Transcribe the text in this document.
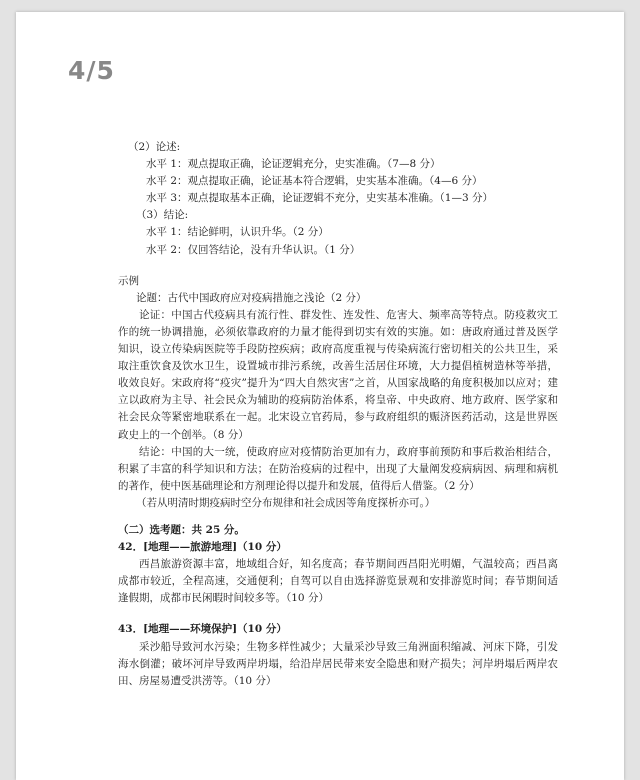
4/5
（2）论述:
水平 1：观点提取正确，论证逻辑充分，史实准确。（7—8 分）
水平 2：观点提取正确，论证基本符合逻辑，史实基本准确。（4—6 分）
水平 3：观点提取基本正确，论证逻辑不充分，史实基本准确。（1—3 分）
（3）结论:
水平 1：结论鲜明，认识升华。（2 分）
水平 2：仅回答结论，没有升华认识。（1 分）
示例
论题：古代中国政府应对疫病措施之浅论（2 分）
论证：中国古代疫病具有流行性、群发性、连发性、危害大、频率高等特点。防疫救灾工作的统一协调措施，必须依靠政府的力量才能得到切实有效的实施。如：唐政府通过普及医学知识，设立传染病医院等手段防控疾病；政府高度重视与传染病流行密切相关的公共卫生，采取注重饮食及饮水卫生，设置城市排污系统，改善生活居住环境，大力提倡植树造林等举措，收效良好。宋政府将“疫灾”提升为“四大自然灾害”之首，从国家战略的角度积极加以应对；建立以政府为主导、社会民众为辅助的疫病防治体系，将皇帝、中央政府、地方政府、医学家和社会民众等紧密地联系在一起。北宋设立官药局，参与政府组织的赈济医药活动，这是世界医政史上的一个创举。（8 分）
结论：中国的大一统，使政府应对疫情防治更加有力，政府事前预防和事后救治相结合，积累了丰富的科学知识和方法；在防治疫病的过程中，出现了大量阐发疫病病因、病理和病机的著作，使中医基础理论和方剂理论得以提升和发展，值得后人借鉴。（2 分）
（若从明清时期疫病时空分布规律和社会成因等角度探析亦可。）
（二）选考题：共 25 分。
42．[地理——旅游地理]（10 分）
西昌旅游资源丰富，地域组合好，知名度高；春节期间西昌阳光明媚，气温较高；西昌离成都市较近，全程高速，交通便利；自驾可以自由选择游览景观和安排游览时间；春节期间适逢假期，成都市民闲暇时间较多等。（10 分）
43．[地理——环境保护]（10 分）
采沙船导致河水污染；生物多样性减少；大量采沙导致三角洲面积缩减、河床下降，引发海水倒灌；破坏河岸导致两岸坍塌，给沿岸居民带来安全隐患和财产损失；河岸坍塌后两岸农田、房屋易遭受洪涝等。（10 分）
